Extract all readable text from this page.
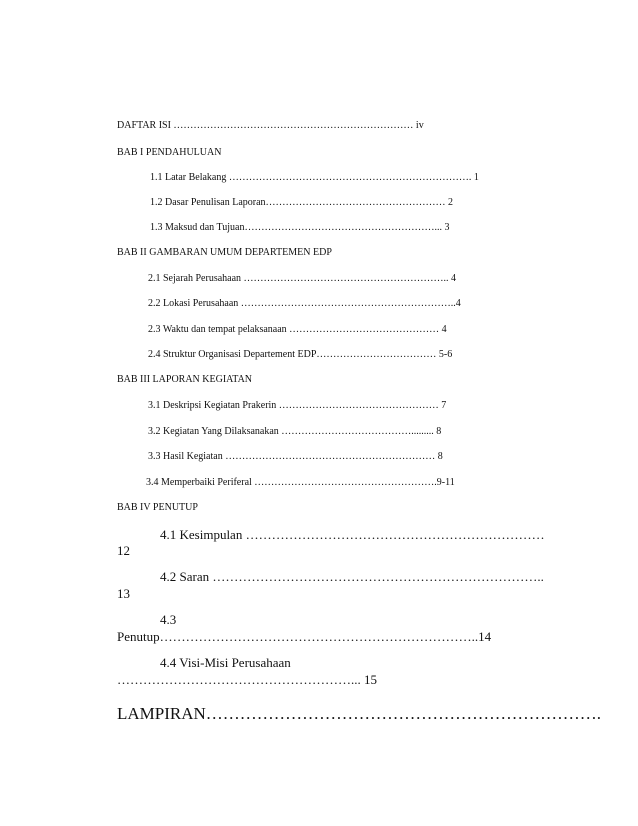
DAFTAR ISI ……………………………………………………………… iv
BAB I PENDAHULUAN
1.1 Latar Belakang ………………………………………………………………. 1
1.2 Dasar Penulisan Laporan……………………………………………… 2
1.3 Maksud dan Tujuan…………………………………………………... 3
BAB II GAMBARAN UMUM DEPARTEMEN EDP
2.1 Sejarah Perusahaan …………………………………………………….. 4
2.2 Lokasi Perusahaan ………………………………………………………..4
2.3 Waktu dan tempat pelaksanaan ……………………………………… 4
2.4 Struktur Organisasi Departement EDP……………………………… 5-6
BAB III LAPORAN KEGIATAN
3.1 Deskripsi Kegiatan Prakerin ………………………………………… 7
3.2 Kegiatan Yang Dilaksanakan …………………………………......... 8
3.3 Hasil Kegiatan ……………………………………………………… 8
3.4 Memperbaiki Periferal ……………………………………………….9-11
BAB IV PENUTUP
4.1 Kesimpulan ……………………………………………………………
12
4.2 Saran …………………………………………………………………..
13
4.3
Penutup………………………………………………………………..14
4.4 Visi-Misi Perusahaan
………………………………………………... 15
LAMPIRAN…………………………………………………………….
